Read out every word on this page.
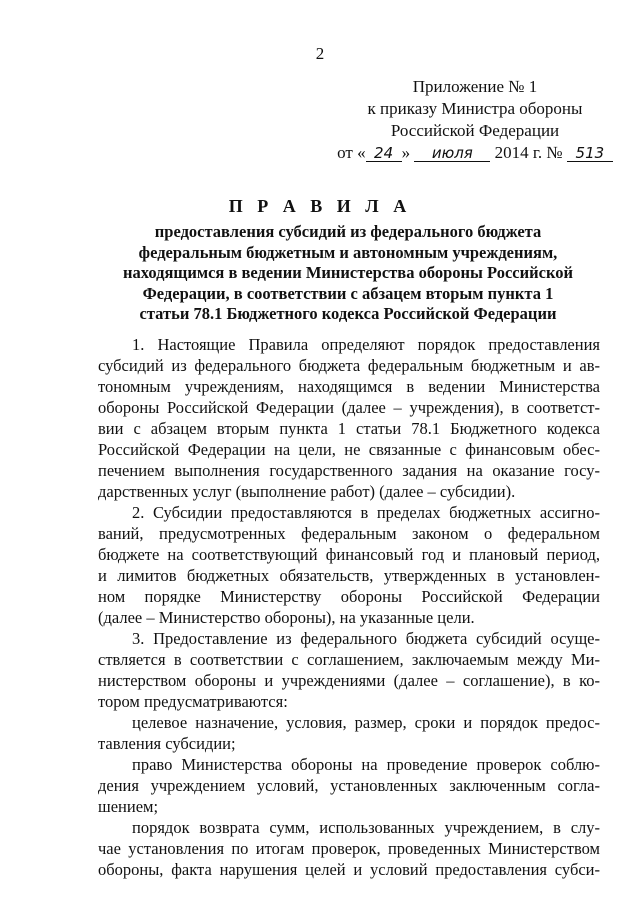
2
Приложение № 1
к приказу Министра обороны
Российской Федерации
от « 24 » июля 2014 г. № 513
П Р А В И Л А
предоставления субсидий из федерального бюджета
федеральным бюджетным и автономным учреждениям,
находящимся в ведении Министерства обороны Российской
Федерации, в соответствии с абзацем вторым пункта 1
статьи 78.1 Бюджетного кодекса Российской Федерации
1. Настоящие Правила определяют порядок предоставления
субсидий из федерального бюджета федеральным бюджетным и ав-
тономным учреждениям, находящимся в ведении Министерства
обороны Российской Федерации (далее – учреждения), в соответст-
вии с абзацем вторым пункта 1 статьи 78.1 Бюджетного кодекса
Российской Федерации на цели, не связанные с финансовым обес-
печением выполнения государственного задания на оказание госу-
дарственных услуг (выполнение работ) (далее – субсидии).
2. Субсидии предоставляются в пределах бюджетных ассигно-
ваний, предусмотренных федеральным законом о федеральном
бюджете на соответствующий финансовый год и плановый период,
и лимитов бюджетных обязательств, утвержденных в установлен-
ном порядке Министерству обороны Российской Федерации
(далее – Министерство обороны), на указанные цели.
3. Предоставление из федерального бюджета субсидий осуще-
ствляется в соответствии с соглашением, заключаемым между Ми-
нистерством обороны и учреждениями (далее – соглашение), в ко-
тором предусматриваются:
целевое назначение, условия, размер, сроки и порядок предос-
тавления субсидии;
право Министерства обороны на проведение проверок соблю-
дения учреждением условий, установленных заключенным согла-
шением;
порядок возврата сумм, использованных учреждением, в слу-
чае установления по итогам проверок, проведенных Министерством
обороны, факта нарушения целей и условий предоставления субси-
